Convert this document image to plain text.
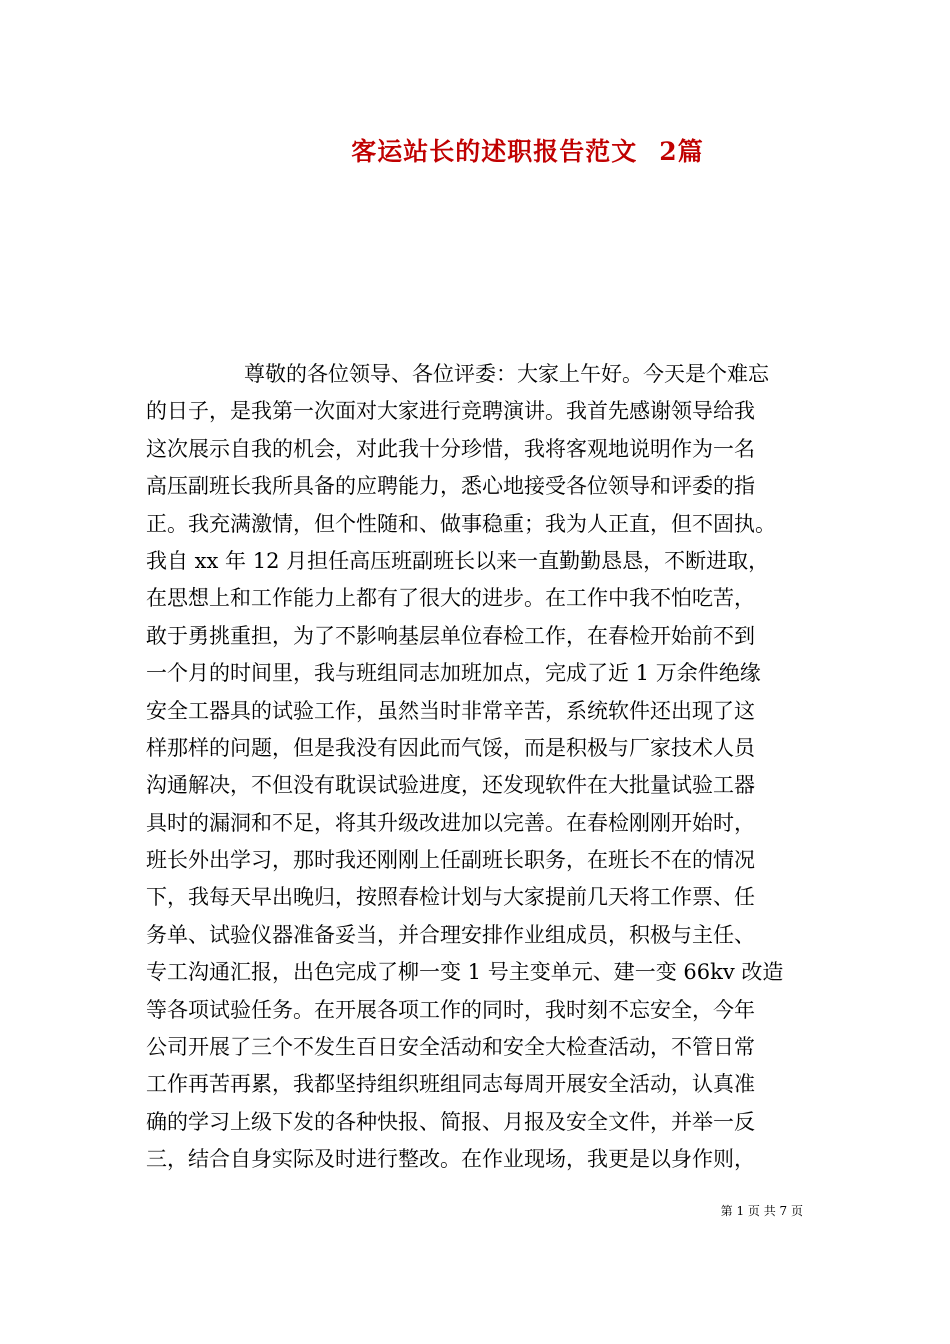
客运站长的述职报告范文 2篇
尊敬的各位领导、各位评委：大家上午好。今天是个难忘
的日子，是我第一次面对大家进行竞聘演讲。我首先感谢领导给我
这次展示自我的机会，对此我十分珍惜，我将客观地说明作为一名
高压副班长我所具备的应聘能力，悉心地接受各位领导和评委的指
正。我充满激情，但个性随和、做事稳重；我为人正直，但不固执。
我自 xx 年 12 月担任高压班副班长以来一直勤勤恳恳，不断进取，
在思想上和工作能力上都有了很大的进步。在工作中我不怕吃苦，
敢于勇挑重担，为了不影响基层单位春检工作，在春检开始前不到
一个月的时间里，我与班组同志加班加点，完成了近 1 万余件绝缘
安全工器具的试验工作，虽然当时非常辛苦，系统软件还出现了这
样那样的问题，但是我没有因此而气馁，而是积极与厂家技术人员
沟通解决，不但没有耽误试验进度，还发现软件在大批量试验工器
具时的漏洞和不足，将其升级改进加以完善。在春检刚刚开始时，
班长外出学习，那时我还刚刚上任副班长职务，在班长不在的情况
下，我每天早出晚归，按照春检计划与大家提前几天将工作票、任
务单、试验仪器准备妥当，并合理安排作业组成员，积极与主任、
专工沟通汇报，出色完成了柳一变 1 号主变单元、建一变 66kv 改造
等各项试验任务。在开展各项工作的同时，我时刻不忘安全，今年
公司开展了三个不发生百日安全活动和安全大检查活动，不管日常
工作再苦再累，我都坚持组织班组同志每周开展安全活动，认真准
确的学习上级下发的各种快报、简报、月报及安全文件，并举一反
三，结合自身实际及时进行整改。在作业现场，我更是以身作则，
第 1 页 共 7 页
